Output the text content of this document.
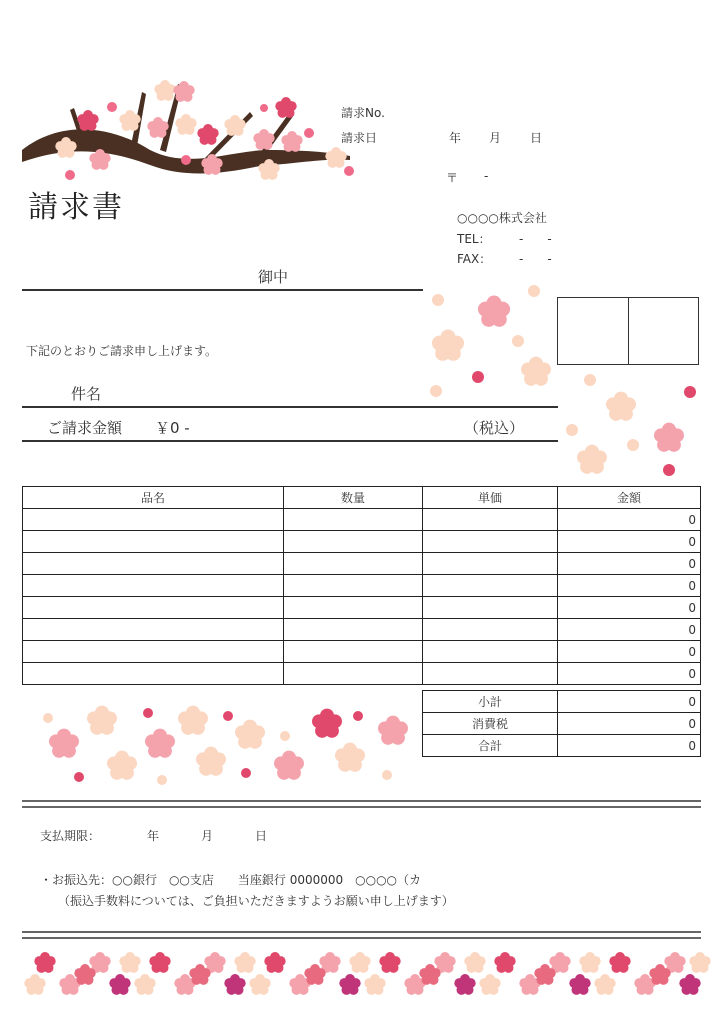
請求No.
請求日	年 月 日
請求書
〒 -
○○○○株式会社
TEL： -　　-
FAX： -　　-
御中
下記のとおりご請求申し上げます。
件名
ご請求金額 ￥0 -	（税込）
品名	数量	単価	金額
			0
			0
			0
			0
			0
			0
			0
			0
小計	0
消費税	0
合計	0
支払期限：	年	月	日
・お振込先：○○銀行　○○支店　　当座銀行 0000000　○○○○（カ
（振込手数料については、ご負担いただきますようお願い申し上げます）
